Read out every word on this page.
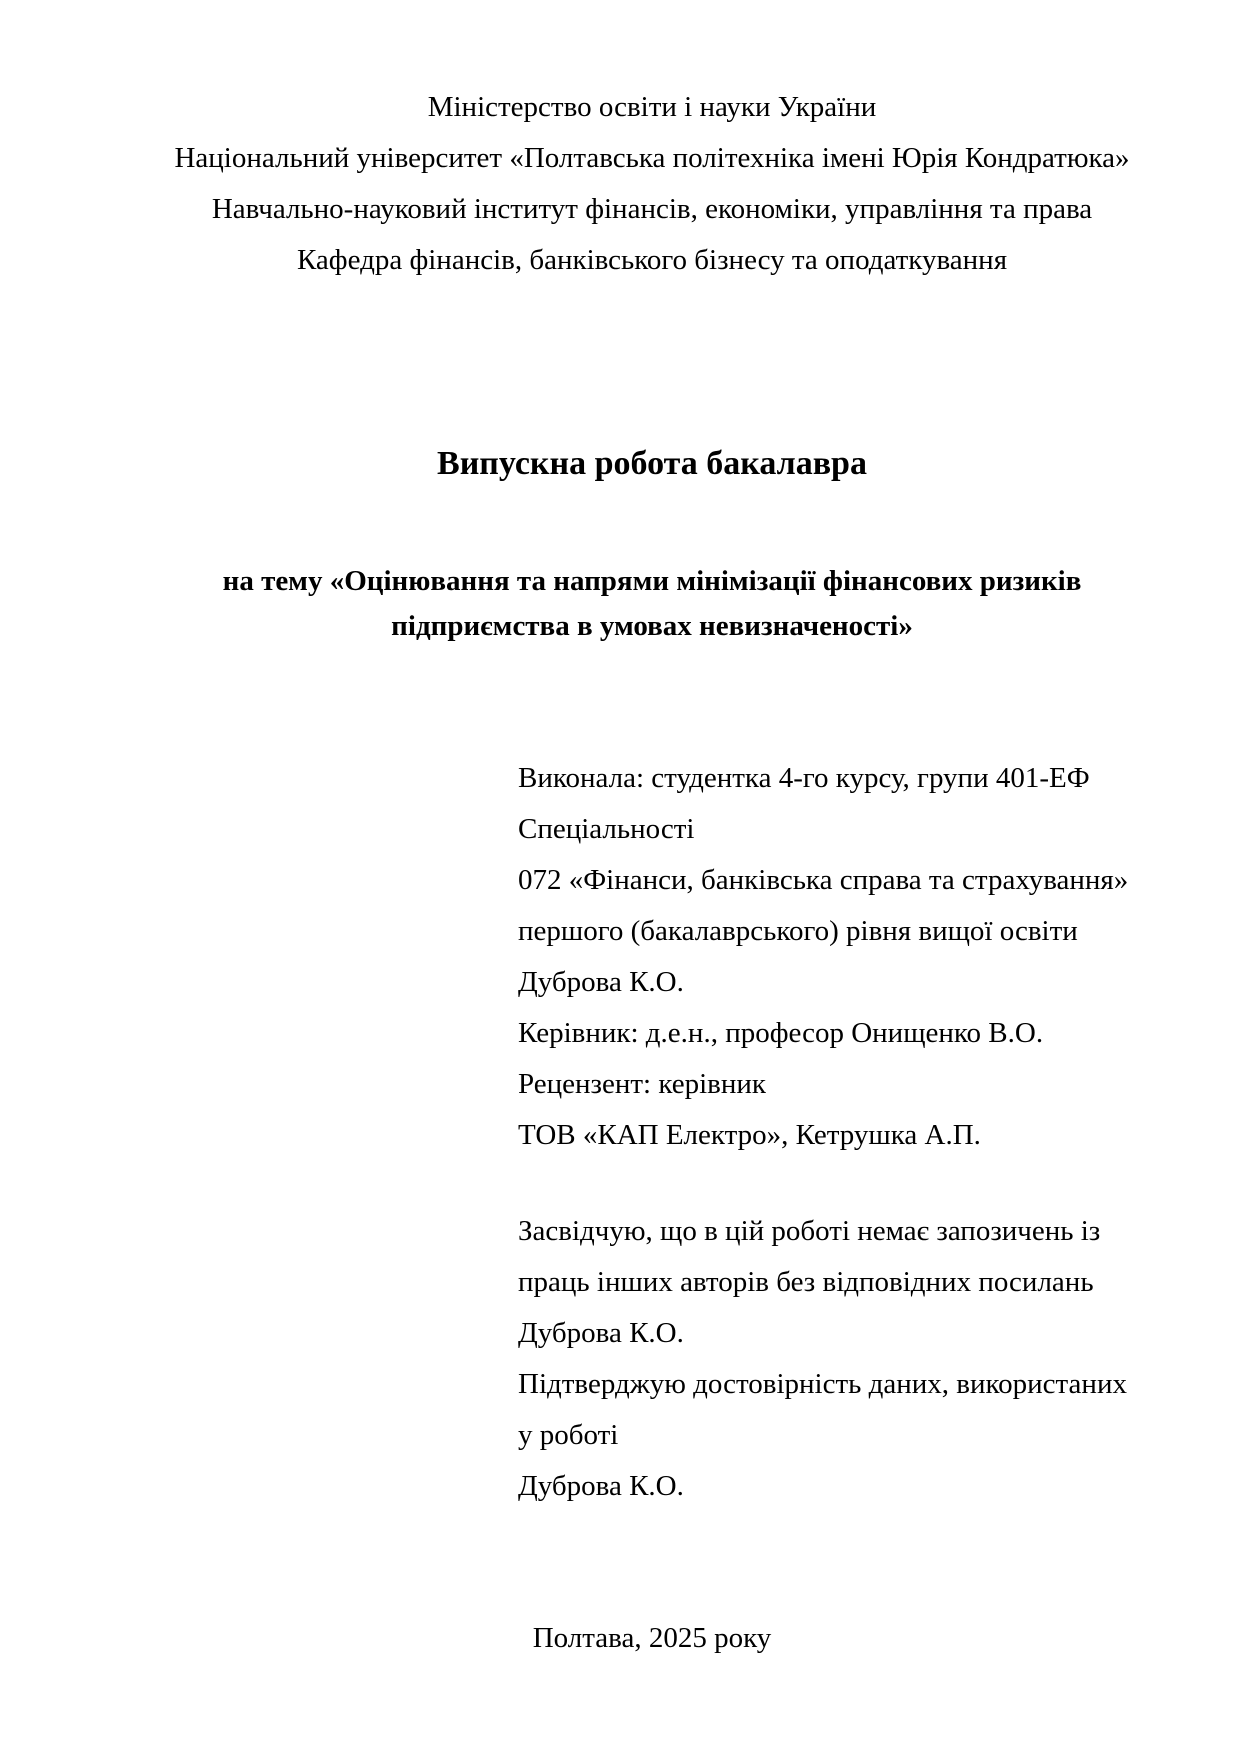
Міністерство освіти і науки України
Національний університет «Полтавська політехніка імені Юрія Кондратюка»
Навчально-науковий інститут фінансів, економіки, управління та права
Кафедра фінансів, банківського бізнесу та оподаткування
Випускна робота бакалавра
на тему «Оцінювання та напрями мінімізації фінансових ризиків
підприємства в умовах невизначеності»
Виконала: студентка 4-го курсу, групи 401-ЕФ
Спеціальності
072 «Фінанси, банківська справа та страхування»
першого (бакалаврського) рівня вищої освіти
Дуброва К.О.
Керівник: д.е.н., професор Онищенко В.О.
Рецензент: керівник
ТОВ «КАП Електро», Кетрушка А.П.
Засвідчую, що в цій роботі немає запозичень із
праць інших авторів без відповідних посилань
Дуброва К.О.
Підтверджую достовірність даних, використаних
у роботі
Дуброва К.О.
Полтава, 2025 року
